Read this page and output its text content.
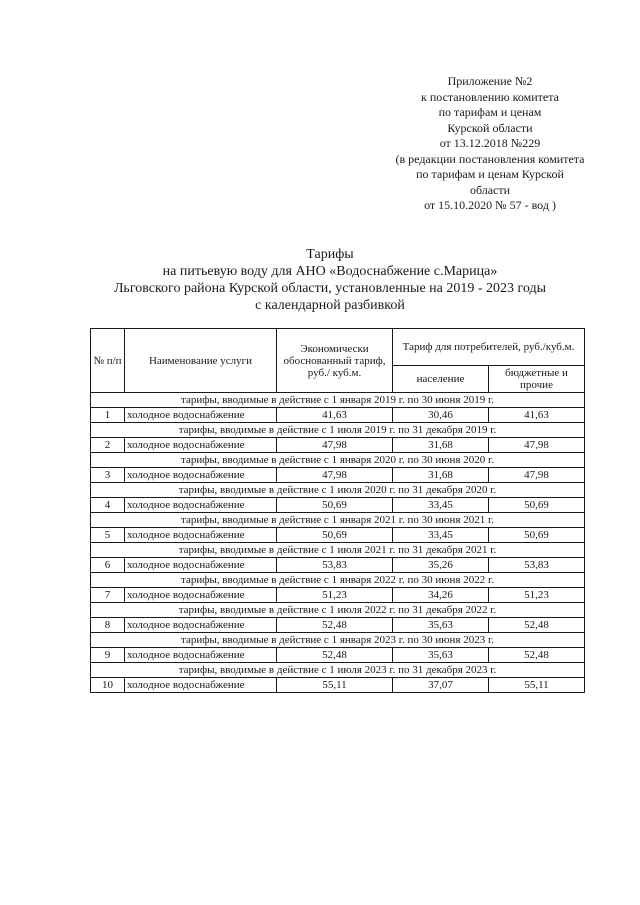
Приложение №2
к постановлению комитета
по тарифам и ценам
Курской области
от 13.12.2018 №229
(в редакции постановления комитета
по тарифам и ценам Курской
области
от 15.10.2020 № 57 - вод )
Тарифы
на питьевую воду для АНО «Водоснабжение с.Марица»
Льговского района Курской области, установленные на 2019 - 2023 годы
с календарной разбивкой
№ п/п	Наименование услуги	Экономически обоснованный тариф, руб./ куб.м.	Тариф для потребителей, руб./куб.м.	
			население	бюджетные и прочие
тарифы, вводимые в действие с 1 января 2019 г. по 30 июня 2019 г.				
1	холодное водоснабжение	41,63	30,46	41,63
тарифы, вводимые в действие с 1 июля 2019 г. по 31 декабря 2019 г.				
2	холодное водоснабжение	47,98	31,68	47,98
тарифы, вводимые в действие с 1 января 2020 г. по 30 июня 2020 г.				
3	холодное водоснабжение	47,98	31,68	47,98
тарифы, вводимые в действие с 1 июля 2020 г. по 31 декабря 2020 г.				
4	холодное водоснабжение	50,69	33,45	50,69
тарифы, вводимые в действие с 1 января 2021 г. по 30 июня 2021 г.				
5	холодное водоснабжение	50,69	33,45	50,69
тарифы, вводимые в действие с 1 июля 2021 г. по 31 декабря 2021 г.				
6	холодное водоснабжение	53,83	35,26	53,83
тарифы, вводимые в действие с 1 января 2022 г. по 30 июня 2022 г.				
7	холодное водоснабжение	51,23	34,26	51,23
тарифы, вводимые в действие с 1 июля 2022 г. по 31 декабря 2022 г.				
8	холодное водоснабжение	52,48	35,63	52,48
тарифы, вводимые в действие с 1 января 2023 г. по 30 июня 2023 г.				
9	холодное водоснабжение	52,48	35,63	52,48
тарифы, вводимые в действие с 1 июля 2023 г. по 31 декабря 2023 г.				
10	холодное водоснабжение	55,11	37,07	55,11
